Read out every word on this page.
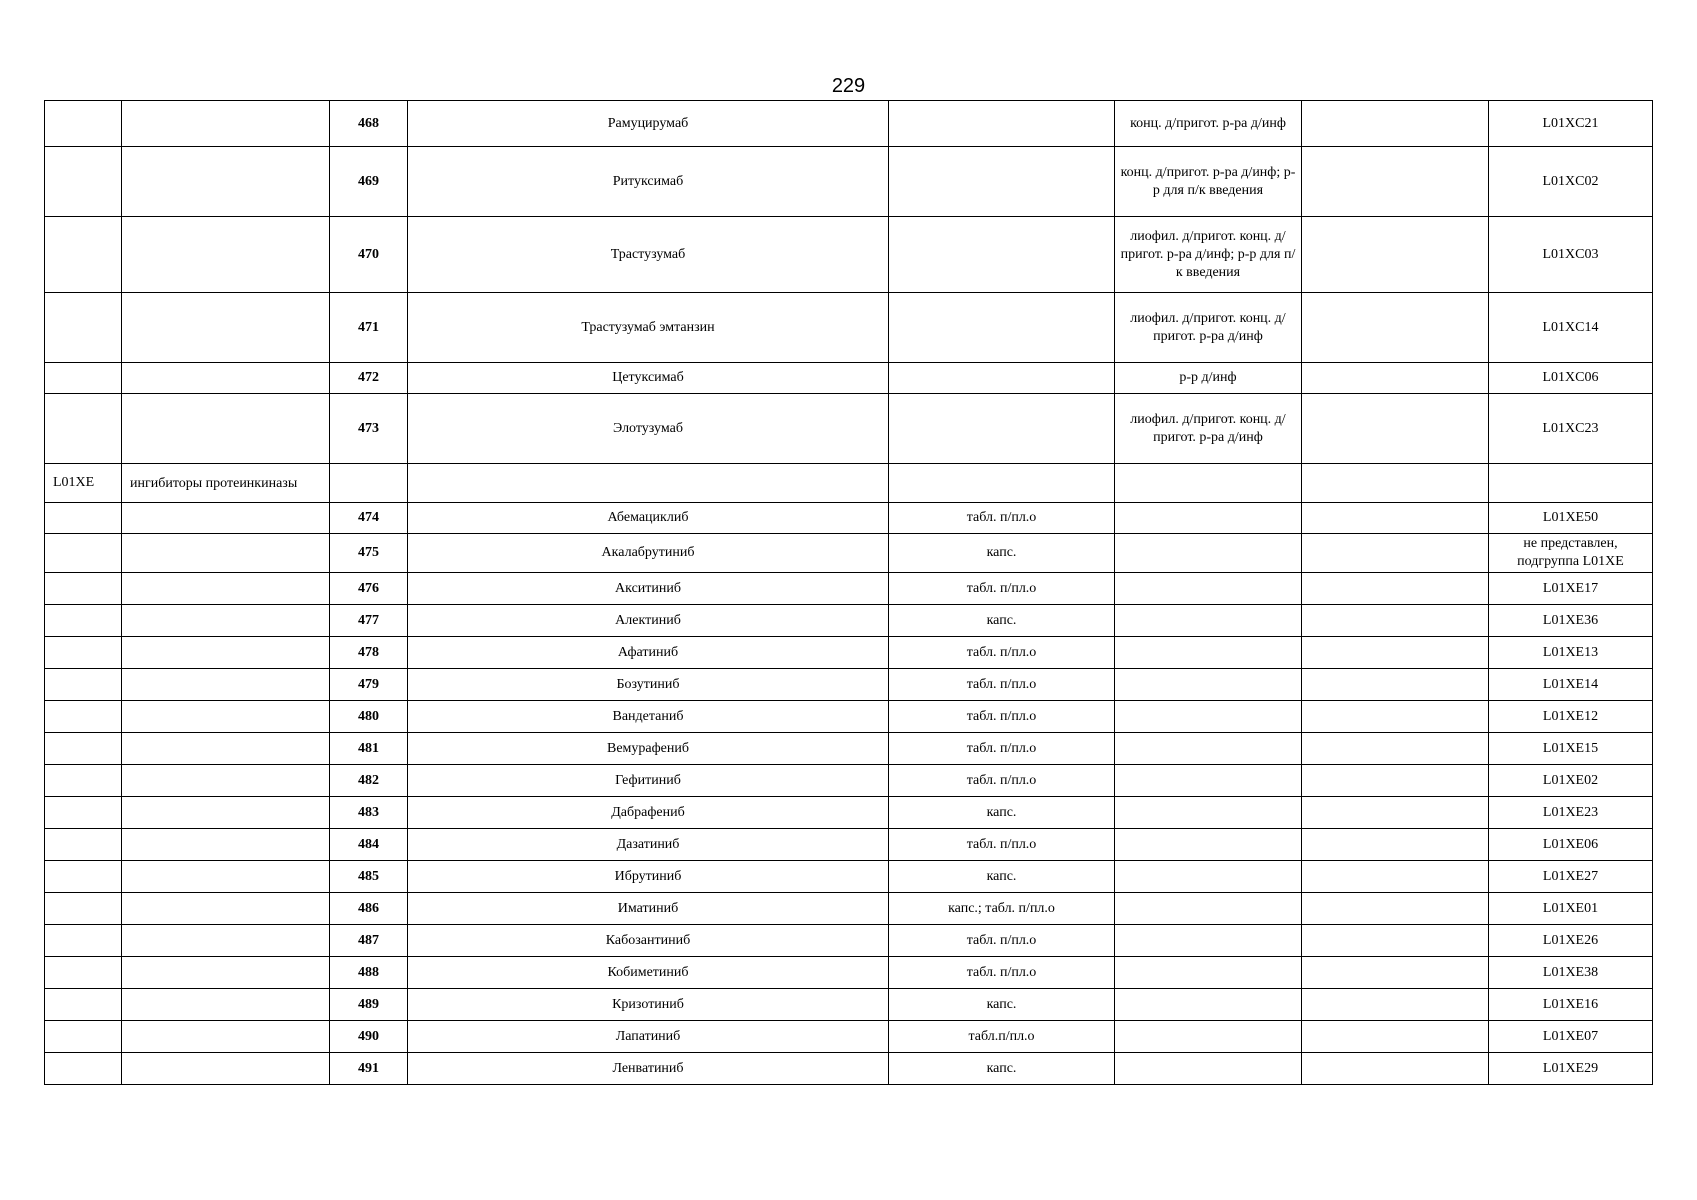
229
		468	Рамуцирумаб		конц. д/пригот. р-ра д/инф		L01XC21
		469	Ритуксимаб		конц. д/пригот. р-ра д/инф; р-р для п/к введения		L01XC02
		470	Трастузумаб		лиофил. д/пригот. конц. д/пригот. р-ра д/инф; р-р для п/к введения		L01XC03
		471	Трастузумаб эмтанзин		лиофил. д/пригот. конц. д/пригот. р-ра д/инф		L01XC14
		472	Цетуксимаб		р-р д/инф		L01XC06
		473	Элотузумаб		лиофил. д/пригот. конц. д/пригот. р-ра д/инф		L01XC23
L01XE	ингибиторы протеинкиназы						
		474	Абемациклиб	табл. п/пл.о			L01XE50
		475	Акалабрутиниб	капс.			не представлен, подгруппа L01XE
		476	Акситиниб	табл. п/пл.о			L01XE17
		477	Алектиниб	капс.			L01XE36
		478	Афатиниб	табл. п/пл.о			L01XE13
		479	Бозутиниб	табл. п/пл.о			L01XE14
		480	Вандетаниб	табл. п/пл.о			L01XE12
		481	Вемурафениб	табл. п/пл.о			L01XE15
		482	Гефитиниб	табл. п/пл.о			L01XE02
		483	Дабрафениб	капс.			L01XE23
		484	Дазатиниб	табл. п/пл.о			L01XE06
		485	Ибрутиниб	капс.			L01XE27
		486	Иматиниб	капс.; табл. п/пл.о			L01XE01
		487	Кабозантиниб	табл. п/пл.о			L01XE26
		488	Кобиметиниб	табл. п/пл.о			L01XE38
		489	Кризотиниб	капс.			L01XE16
		490	Лапатиниб	табл.п/пл.о			L01XE07
		491	Ленватиниб	капс.			L01XE29
